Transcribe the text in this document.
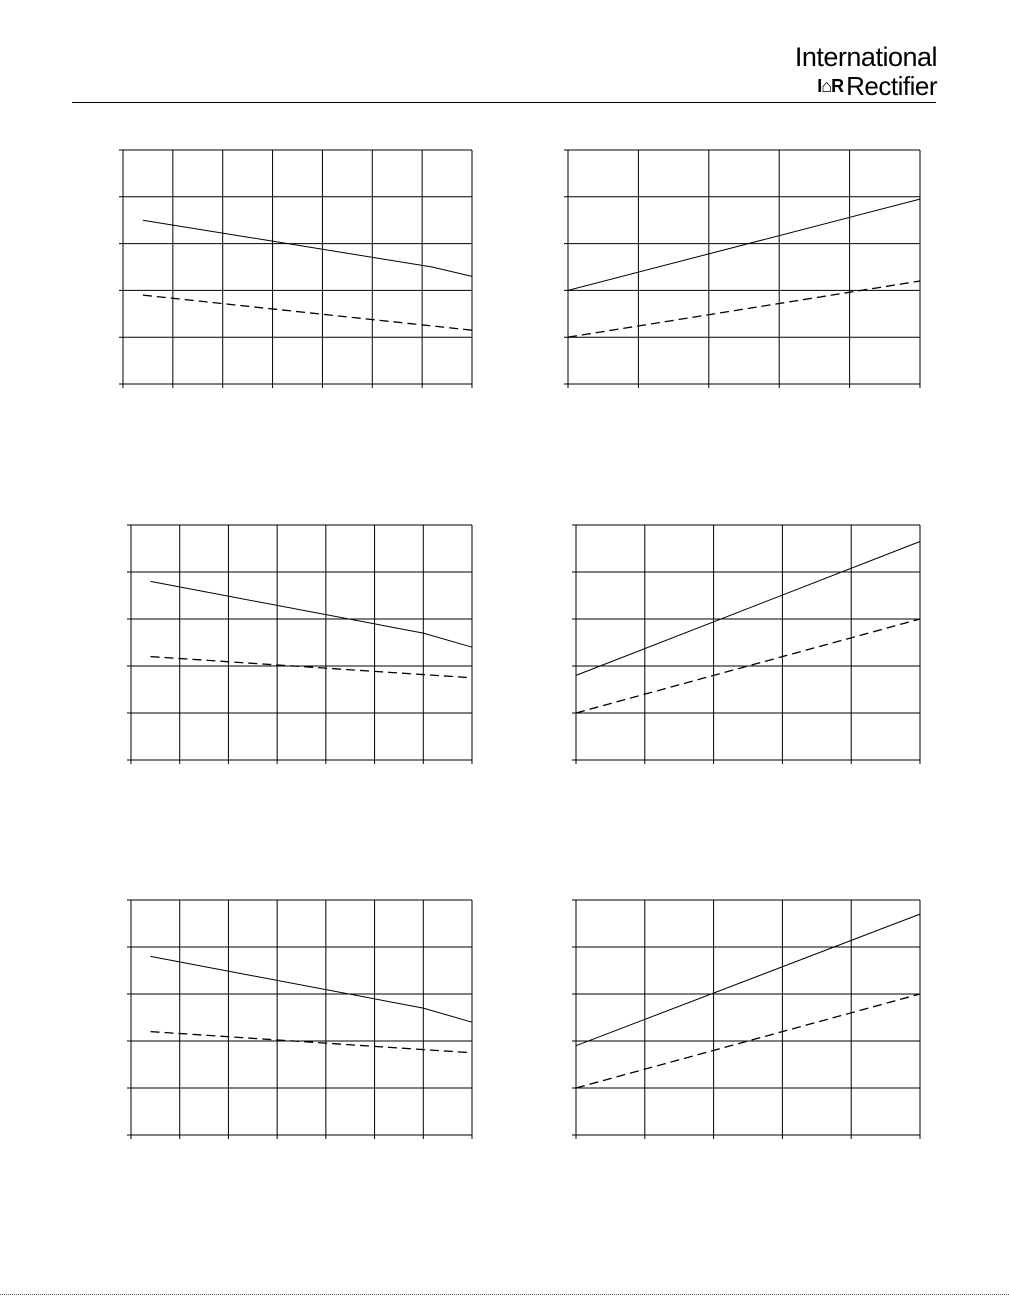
International
I⌂R Rectifier
